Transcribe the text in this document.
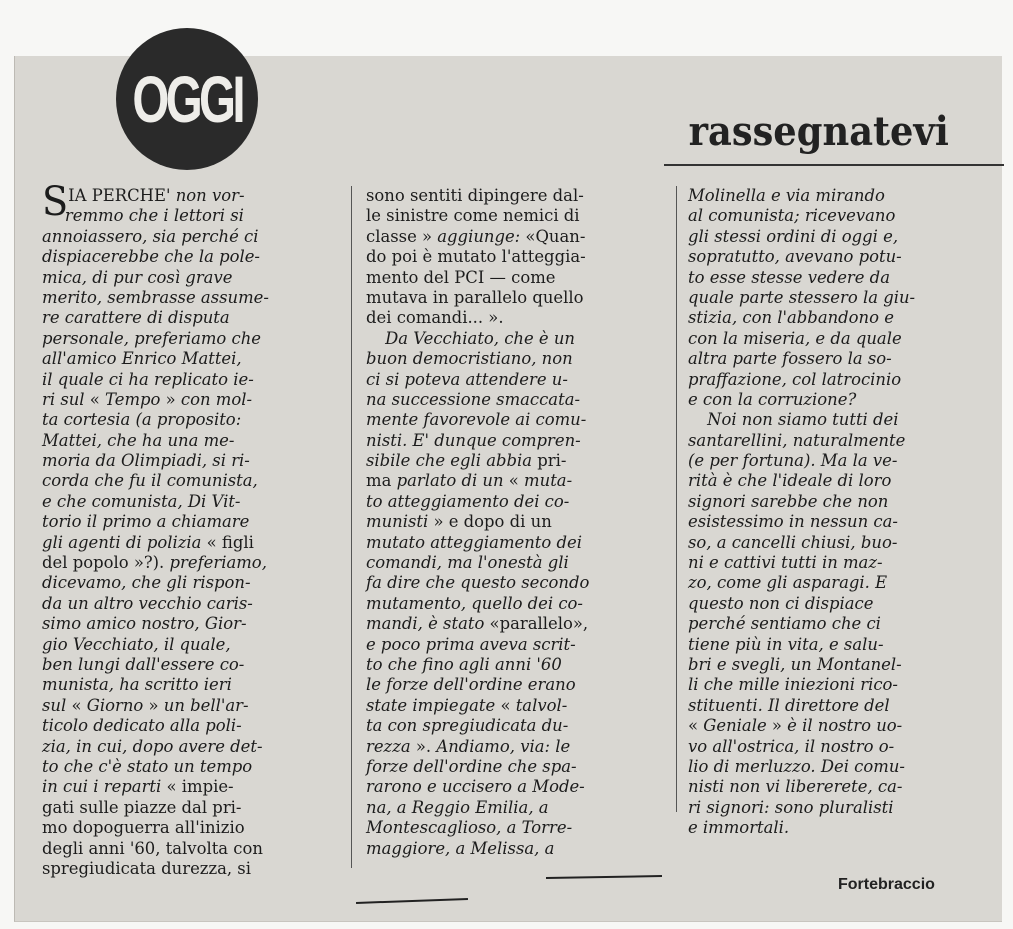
OGGI	rassegnatevi
SIA PERCHE' non vor-
remmo che i lettori si
annoiassero, sia perché ci
dispiacerebbe che la pole-
mica, di pur così grave
merito, sembrasse assume-
re carattere di disputa
personale, preferiamo che
all'amico Enrico Mattei,
il quale ci ha replicato ie-
ri sul « Tempo » con mol-
ta cortesia (a proposito:
Mattei, che ha una me-
moria da Olimpiadi, si ri-
corda che fu il comunista,
e che comunista, Di Vit-
torio il primo a chiamare
gli agenti di polizia « figli
del popolo »?). preferiamo,
dicevamo, che gli rispon-
da un altro vecchio caris-
simo amico nostro, Gior-
gio Vecchiato, il quale,
ben lungi dall'essere co-
munista, ha scritto ieri
sul « Giorno » un bell'ar-
ticolo dedicato alla poli-
zia, in cui, dopo avere det-
to che c'è stato un tempo
in cui i reparti « impie-
gati sulle piazze dal pri-
mo dopoguerra all'inizio
degli anni '60, talvolta con
spregiudicata durezza, si
sono sentiti dipingere dal-
le sinistre come nemici di
classe » aggiunge: «Quan-
do poi è mutato l'atteggia-
mento del PCI — come
mutava in parallelo quello
dei comandi... ».
Da Vecchiato, che è un
buon democristiano, non
ci si poteva attendere u-
na successione smaccata-
mente favorevole ai comu-
nisti. E' dunque compren-
sibile che egli abbia pri-
ma parlato di un « muta-
to atteggiamento dei co-
munisti » e dopo di un
mutato atteggiamento dei
comandi, ma l'onestà gli
fa dire che questo secondo
mutamento, quello dei co-
mandi, è stato «parallelo»,
e poco prima aveva scrit-
to che fino agli anni '60
le forze dell'ordine erano
state impiegate « talvol-
ta con spregiudicata du-
rezza ». Andiamo, via: le
forze dell'ordine che spa-
rarono e uccisero a Mode-
na, a Reggio Emilia, a
Montescaglioso, a Torre-
maggiore, a Melissa, a
Molinella e via mirando
al comunista; ricevevano
gli stessi ordini di oggi e,
sopratutto, avevano potu-
to esse stesse vedere da
quale parte stessero la giu-
stizia, con l'abbandono e
con la miseria, e da quale
altra parte fossero la so-
praffazione, col latrocinio
e con la corruzione?
Noi non siamo tutti dei
santarellini, naturalmente
(e per fortuna). Ma la ve-
rità è che l'ideale di loro
signori sarebbe che non
esistessimo in nessun ca-
so, a cancelli chiusi, buo-
ni e cattivi tutti in maz-
zo, come gli asparagi. E
questo non ci dispiace
perché sentiamo che ci
tiene più in vita, e salu-
bri e svegli, un Montanel-
li che mille iniezioni rico-
stituenti. Il direttore del
« Geniale » è il nostro uo-
vo all'ostrica, il nostro o-
lio di merluzzo. Dei comu-
nisti non vi libererete, ca-
ri signori: sono pluralisti
e immortali.
Fortebraccio
